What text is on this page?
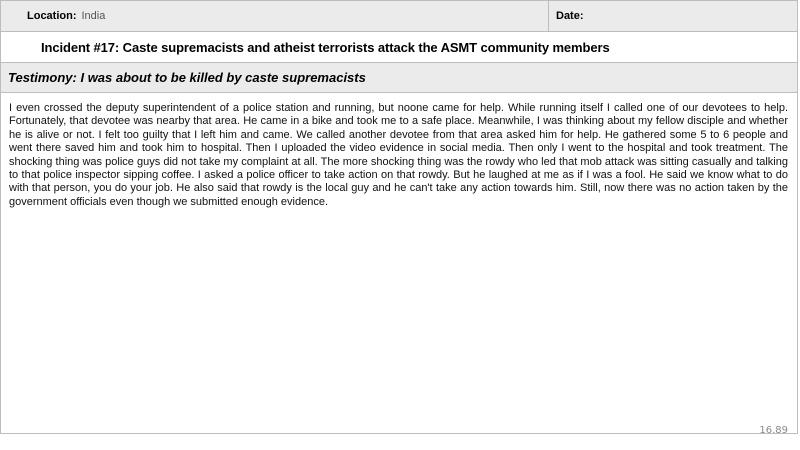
Location: India	Date:
Incident #17: Caste supremacists and atheist terrorists attack the ASMT community members
Testimony: I was about to be killed by caste supremacists
I even crossed the deputy superintendent of a police station and running, but noone came for help. While running itself I called one of our devotees to help. Fortunately, that devotee was nearby that area. He came in a bike and took me to a safe place. Meanwhile, I was thinking about my fellow disciple and whether he is alive or not. I felt too guilty that I left him and came. We called another devotee from that area asked him for help. He gathered some 5 to 6 people and went there saved him and took him to hospital. Then I uploaded the video evidence in social media. Then only I went to the hospital and took treatment. The shocking thing was police guys did not take my complaint at all. The more shocking thing was the rowdy who led that mob attack was sitting casually and talking to that police inspector sipping coffee. I asked a police officer to take action on that rowdy. But he laughed at me as if I was a fool. He said we know what to do with that person, you do your job. He also said that rowdy is the local guy and he can't take any action towards him. Still, now there was no action taken by the government officials even though we submitted enough evidence.
16.89
